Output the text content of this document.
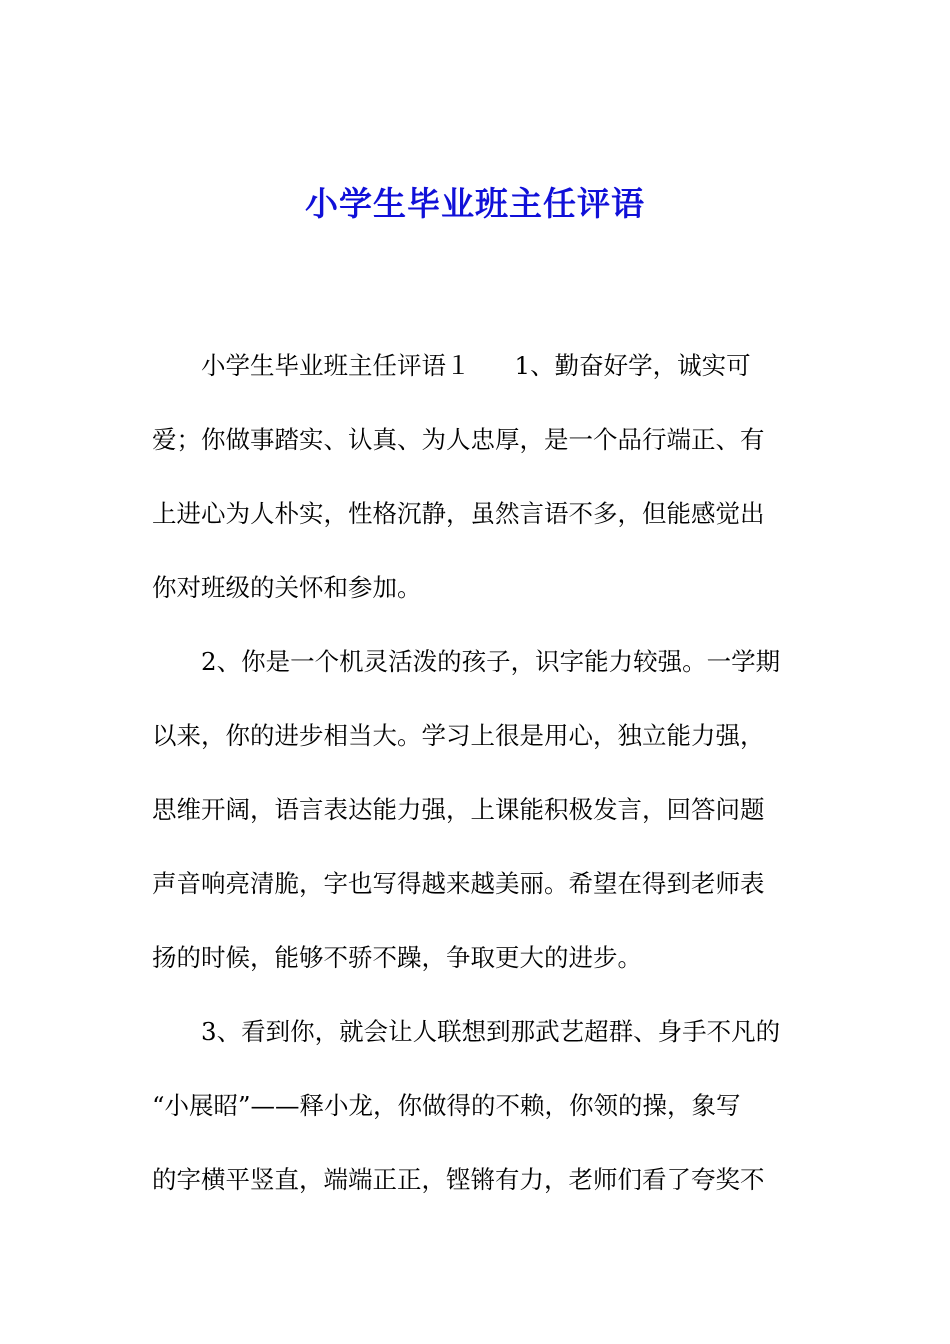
小学生毕业班主任评语
小学生毕业班主任评语１ 1、勤奋好学，诚实可
爱；你做事踏实、认真、为人忠厚，是一个品行端正、有
上进心为人朴实，性格沉静，虽然言语不多，但能感觉出
你对班级的关怀和参加。
2、你是一个机灵活泼的孩子，识字能力较强。一学期
以来，你的进步相当大。学习上很是用心，独立能力强，
思维开阔，语言表达能力强，上课能积极发言，回答问题
声音响亮清脆，字也写得越来越美丽。希望在得到老师表
扬的时候，能够不骄不躁，争取更大的进步。
3、看到你，就会让人联想到那武艺超群、身手不凡的
“小展昭”——释小龙，你做得的不赖，你领的操，象写
的字横平竖直，端端正正，铿锵有力，老师们看了夸奖不
